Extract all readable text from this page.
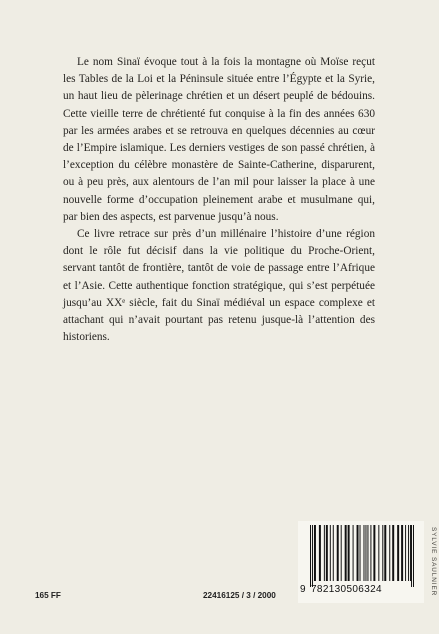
Le nom Sinaï évoque tout à la fois la montagne où Moïse reçut les Tables de la Loi et la Péninsule située entre l’Égypte et la Syrie, un haut lieu de pèlerinage chrétien et un désert peuplé de bédouins. Cette vieille terre de chrétienté fut conquise à la fin des années 630 par les armées arabes et se retrouva en quelques décennies au cœur de l’Empire islamique. Les derniers vestiges de son passé chrétien, à l’exception du célèbre monastère de Sainte-Catherine, disparurent, ou à peu près, aux alentours de l’an mil pour laisser la place à une nouvelle forme d’occupation pleinement arabe et musulmane qui, par bien des aspects, est parvenue jusqu’à nous.

Ce livre retrace sur près d’un millénaire l’histoire d’une région dont le rôle fut décisif dans la vie politique du Proche-Orient, servant tantôt de frontière, tantôt de voie de passage entre l’Afrique et l’Asie. Cette authentique fonction stratégique, qui s’est perpétuée jusqu’au XXᵉ siècle, fait du Sinaï médiéval un espace complexe et attachant qui n’avait pourtant pas retenu jusque-là l’attention des historiens.

SYLVIE SAULNIER
165 FF	22416125 / 3 / 2000
9 782130506324
